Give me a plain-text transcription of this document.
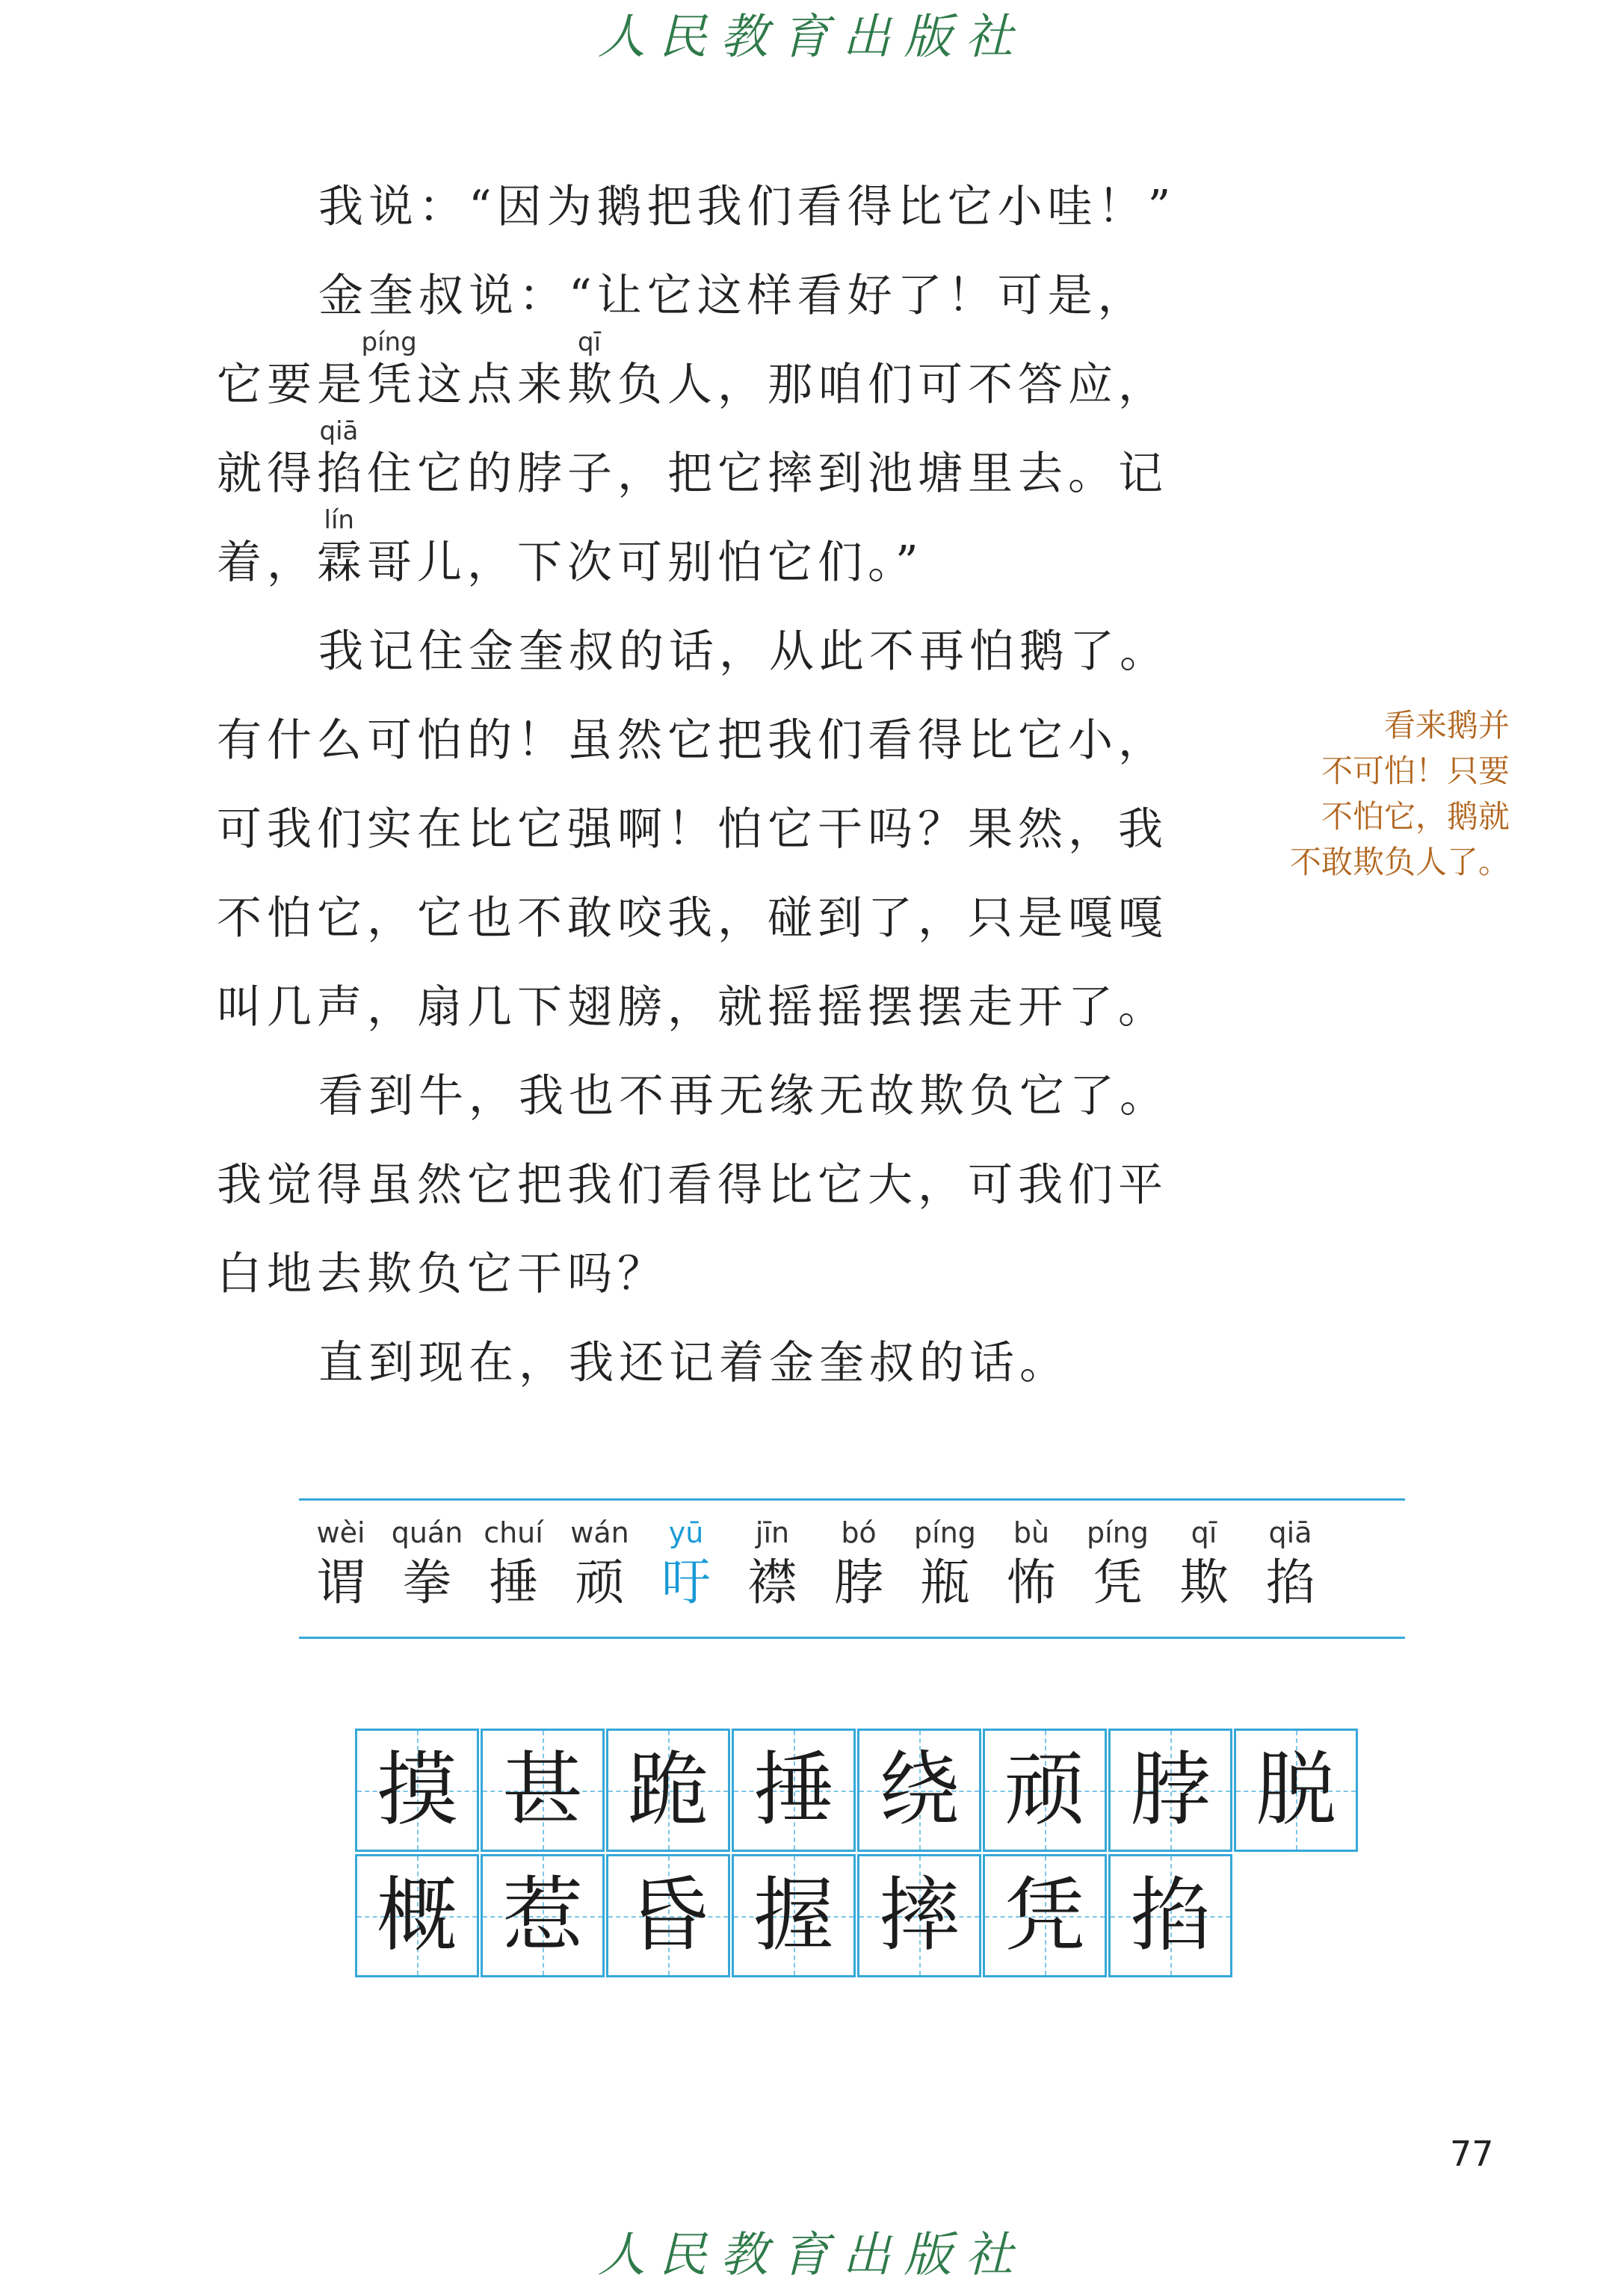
人民教育出版社
我说：“因为鹅把我们看得比它小哇！”
金奎叔说：“让它这样看好了！可是，
它要是凭这点来欺负人，那咱们可不答应，
píng	qī
就得掐住它的脖子，把它摔到池塘里去。记
qiā
着，霖哥儿，下次可别怕它们。”
lín
我记住金奎叔的话，从此不再怕鹅了。
有什么可怕的！虽然它把我们看得比它小，
可我们实在比它强啊！怕它干吗？果然，我
不怕它，它也不敢咬我，碰到了，只是嘎嘎
叫几声，扇几下翅膀，就摇摇摆摆走开了。
看到牛，我也不再无缘无故欺负它了。
我觉得虽然它把我们看得比它大，可我们平
白地去欺负它干吗？
直到现在，我还记着金奎叔的话。
看来鹅并
不可怕！只要
不怕它，鹅就
不敢欺负人了。
wèi
谓
quán
拳
chuí
捶
wán
顽
yū
吁
jīn
襟
bó
脖
píng
瓶
bù
怖
píng
凭
qī
欺
qiā
掐
摸 甚 跪 捶 绕 顽 脖 脱
概 惹 昏 握 摔 凭 掐
77
人民教育出版社
